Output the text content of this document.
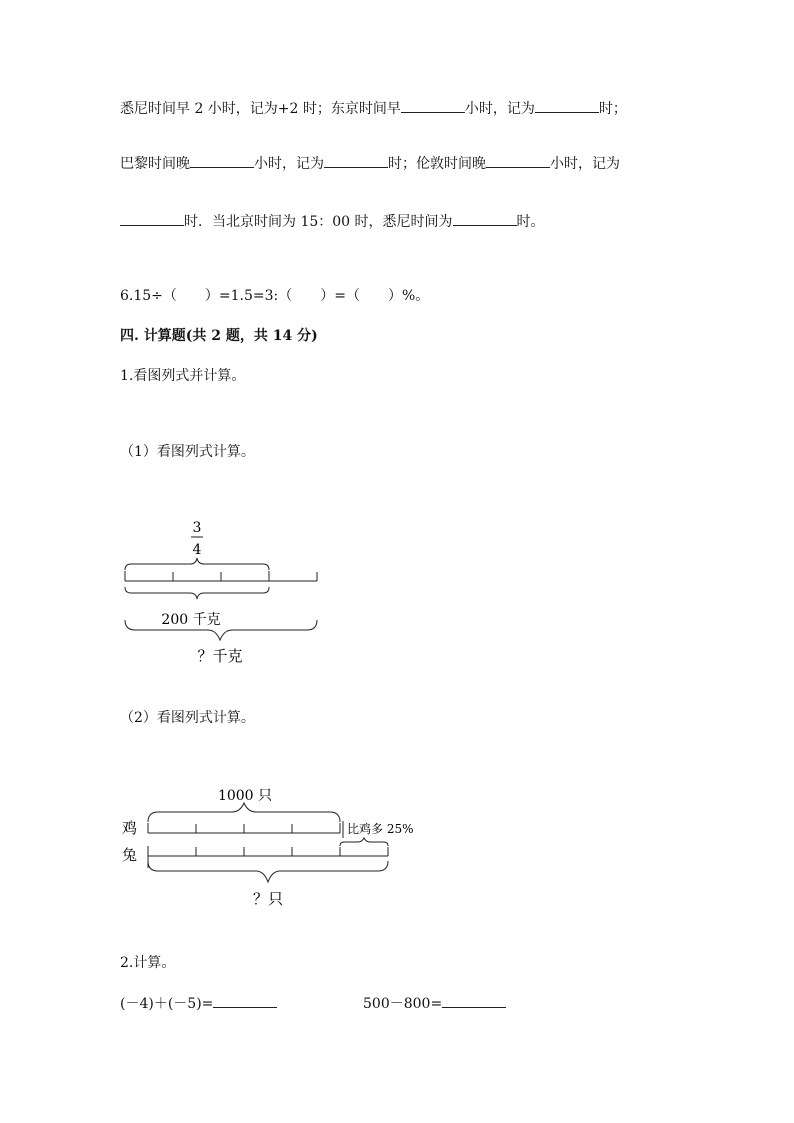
悉尼时间早 2 小时，记为+2 时；东京时间早	小时，记为	时；
巴黎时间晚	小时，记为	时；伦敦时间晚	小时，记为
时．当北京时间为 15：00 时，悉尼时间为	时。
6.15÷（　　）=1.5=3:（　　）=（　　）%。
四. 计算题(共 2 题，共 14 分)
1.看图列式并计算。
（1）看图列式计算。
3
4
200 千克
？千克
（2）看图列式计算。
1000 只
鸡	比鸡多 25%
兔
？只
2.计算。
(－4)＋(－5)=	500－800=
